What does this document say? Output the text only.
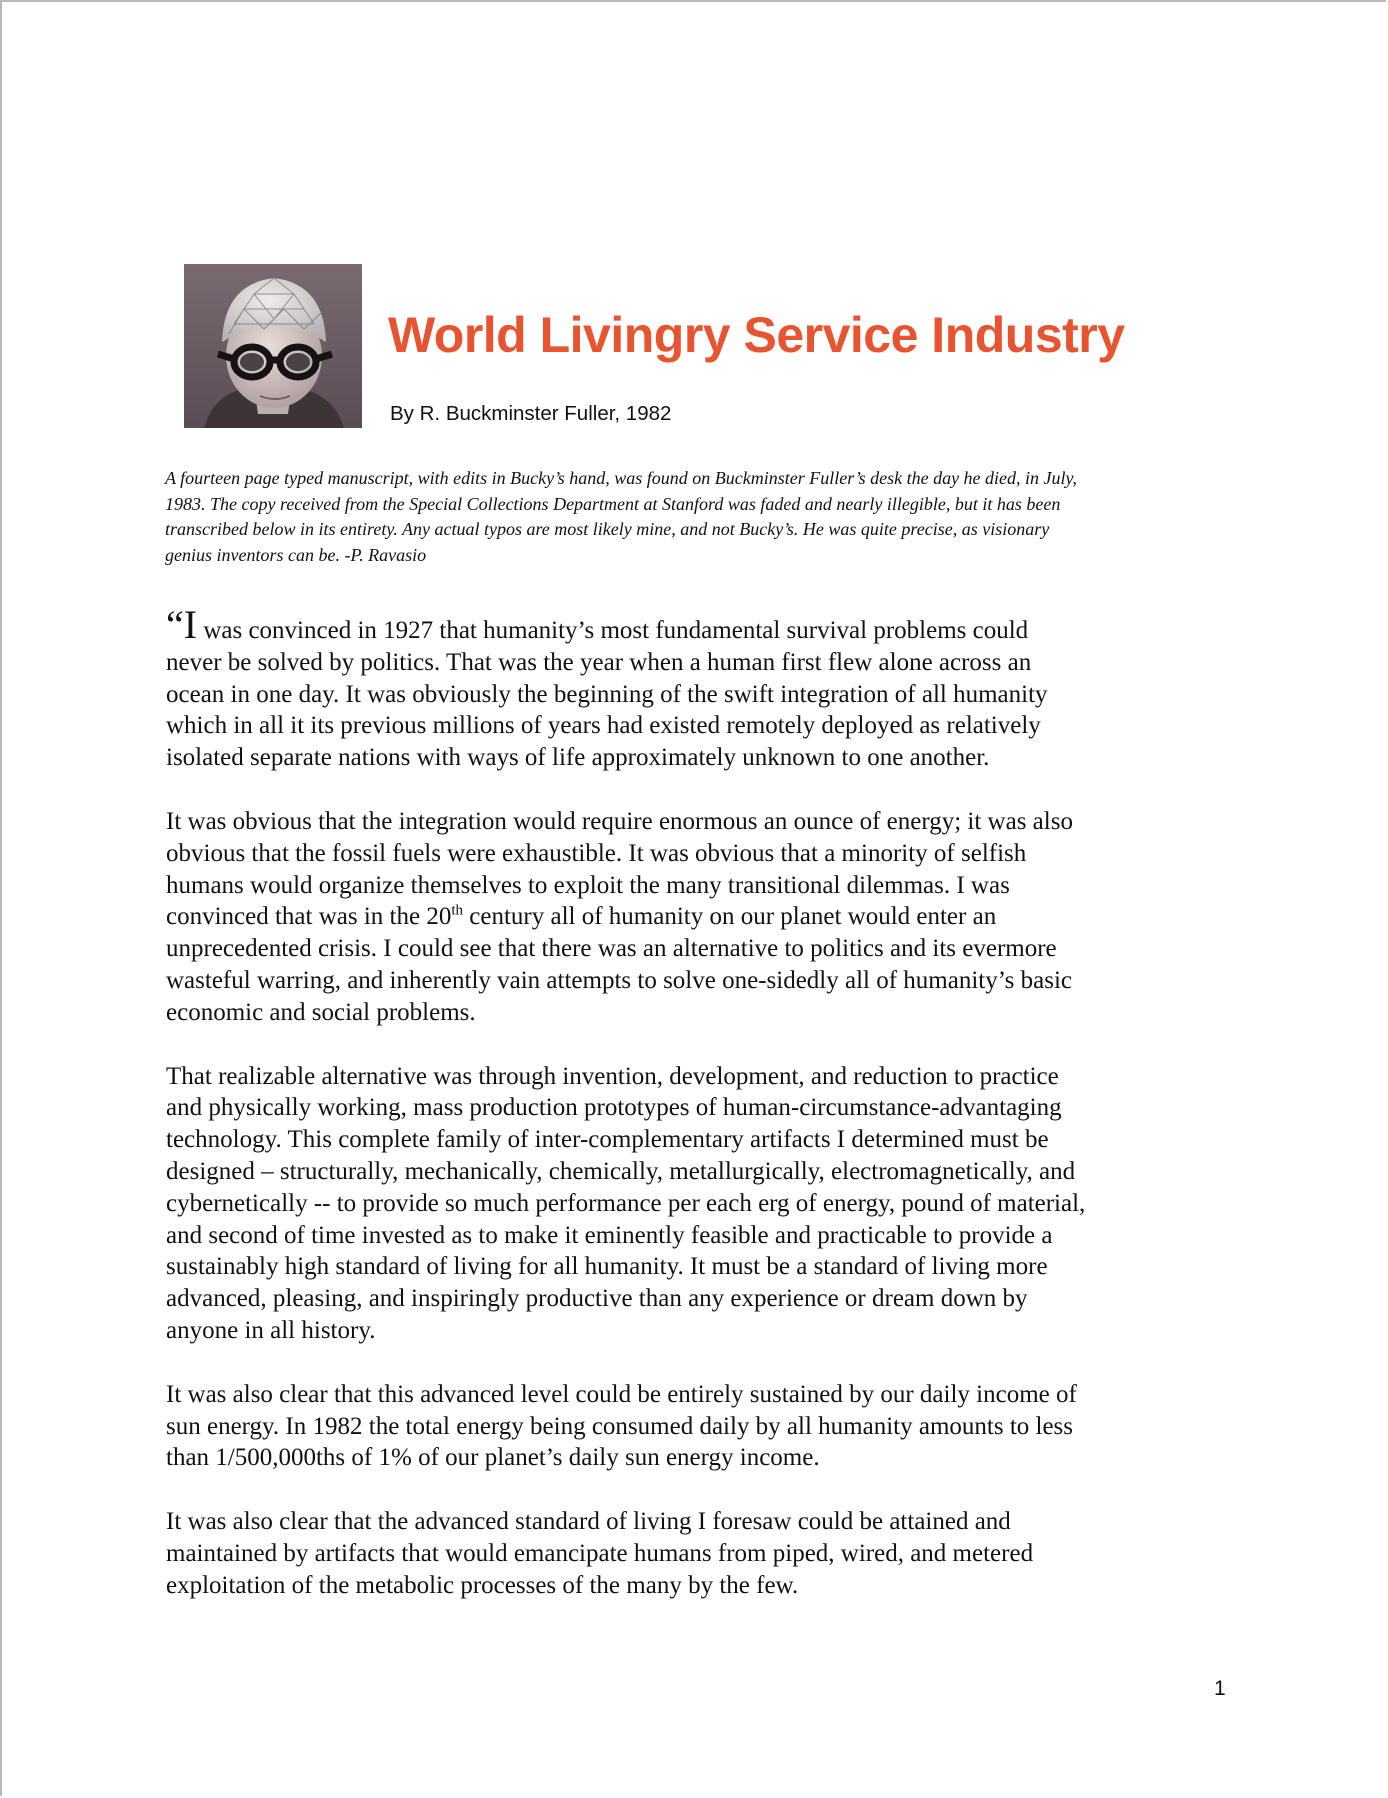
World Livingry Service Industry

By R. Buckminster Fuller, 1982

A fourteen page typed manuscript, with edits in Bucky’s hand, was found on Buckminster Fuller’s desk the day he died, in July,
1983. The copy received from the Special Collections Department at Stanford was faded and nearly illegible, but it has been
transcribed below in its entirety. Any actual typos are most likely mine, and not Bucky’s. He was quite precise, as visionary
genius inventors can be. -P. Ravasio

“I was convinced in 1927 that humanity’s most fundamental survival problems could
never be solved by politics. That was the year when a human first flew alone across an
ocean in one day. It was obviously the beginning of the swift integration of all humanity
which in all it its previous millions of years had existed remotely deployed as relatively
isolated separate nations with ways of life approximately unknown to one another.

It was obvious that the integration would require enormous an ounce of energy; it was also
obvious that the fossil fuels were exhaustible. It was obvious that a minority of selfish
humans would organize themselves to exploit the many transitional dilemmas. I was
convinced that was in the 20th century all of humanity on our planet would enter an
unprecedented crisis. I could see that there was an alternative to politics and its evermore
wasteful warring, and inherently vain attempts to solve one-sidedly all of humanity’s basic
economic and social problems.

That realizable alternative was through invention, development, and reduction to practice
and physically working, mass production prototypes of human-circumstance-advantaging
technology. This complete family of inter-complementary artifacts I determined must be
designed – structurally, mechanically, chemically, metallurgically, electromagnetically, and
cybernetically -- to provide so much performance per each erg of energy, pound of material,
and second of time invested as to make it eminently feasible and practicable to provide a
sustainably high standard of living for all humanity. It must be a standard of living more
advanced, pleasing, and inspiringly productive than any experience or dream down by
anyone in all history.

It was also clear that this advanced level could be entirely sustained by our daily income of
sun energy. In 1982 the total energy being consumed daily by all humanity amounts to less
than 1/500,000ths of 1% of our planet’s daily sun energy income.

It was also clear that the advanced standard of living I foresaw could be attained and
maintained by artifacts that would emancipate humans from piped, wired, and metered
exploitation of the metabolic processes of the many by the few.

1
